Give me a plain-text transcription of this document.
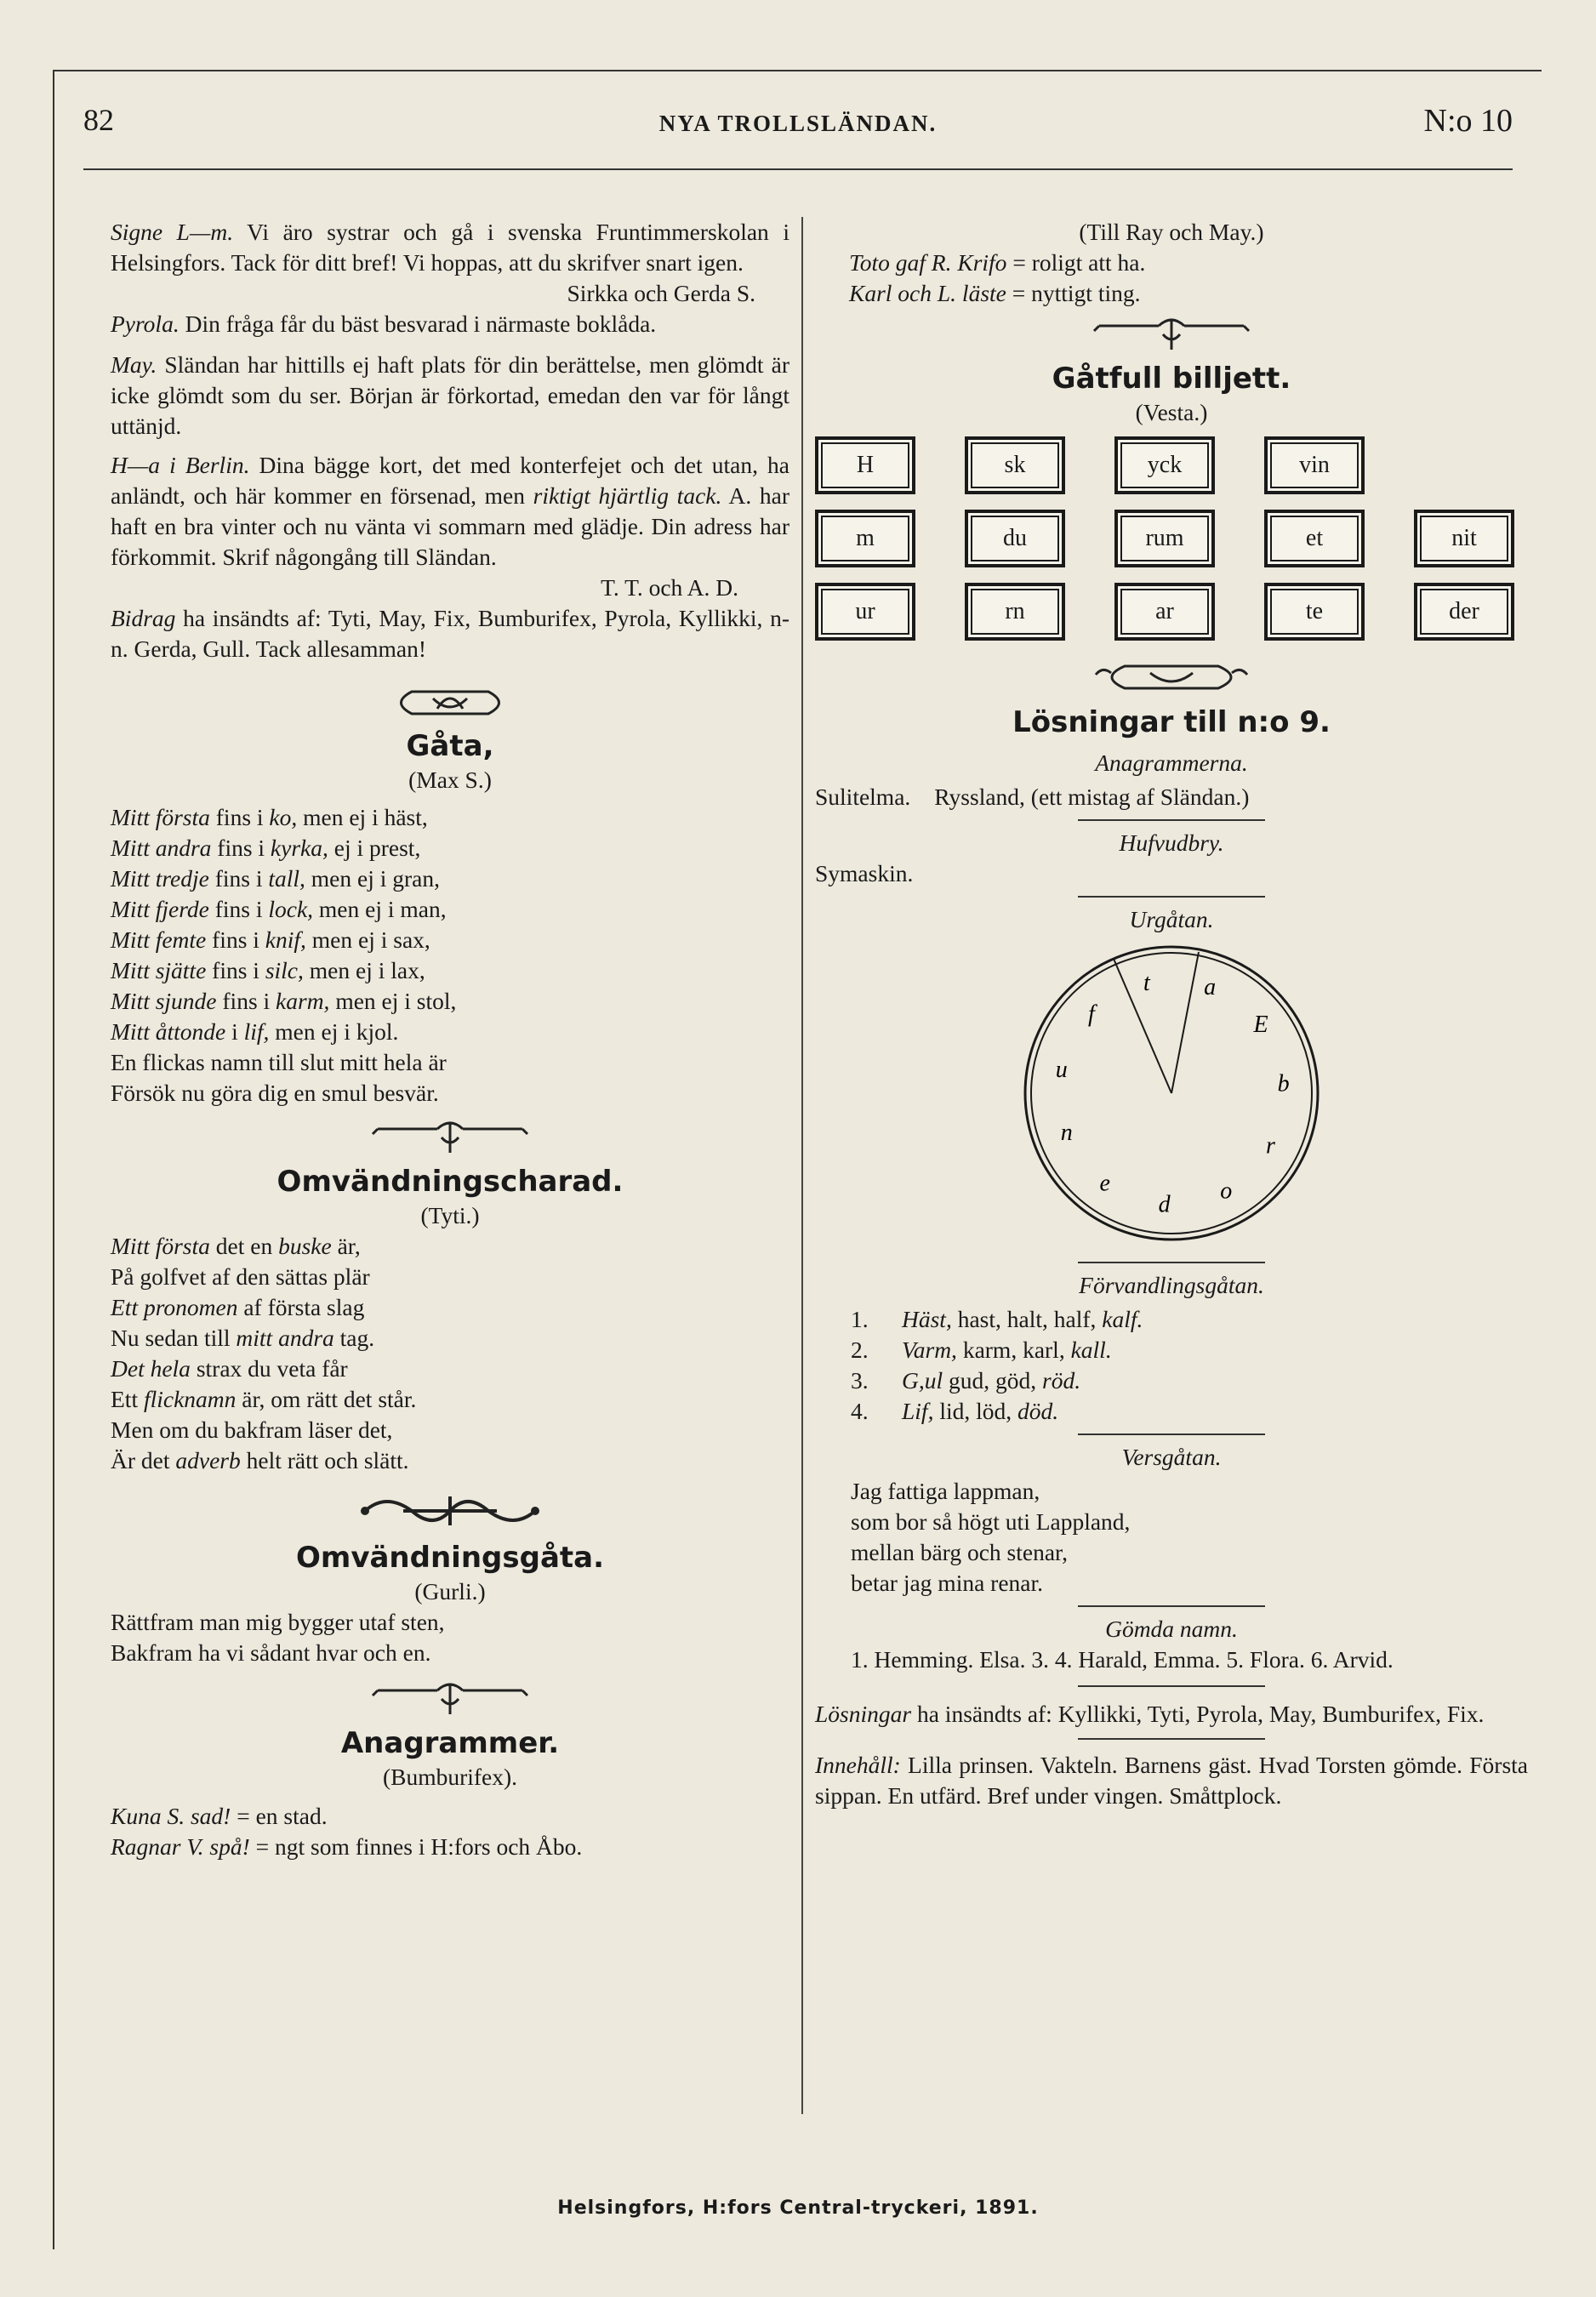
82	NYA TROLLSLÄNDAN.	N:o 10

Signe L—m. Vi äro systrar och gå i svenska Fruntimmerskolan i Helsingfors. Tack för ditt bref! Vi hoppas, att du skrifver snart igen.

Sirkka och Gerda S.

Pyrola. Din fråga får du bäst besvarad i närmaste boklåda.

May. Sländan har hittills ej haft plats för din berättelse, men glömdt är icke glömdt som du ser. Början är förkortad, emedan den var för långt uttänjd.

H—a i Berlin. Dina bägge kort, det med konterfejet och det utan, ha anländt, och här kommer en försenad, men riktigt hjärtlig tack. A. har haft en bra vinter och nu vänta vi sommarn med glädje. Din adress har förkommit. Skrif någongång till Sländan.

T. T. och A. D.

Bidrag ha insändts af: Tyti, May, Fix, Bumburifex, Pyrola, Kyllikki, n-n. Gerda, Gull. Tack allesamman!

Gåta,

(Max S.)

Mitt första fins i ko, men ej i häst,

Mitt andra fins i kyrka, ej i prest,

Mitt tredje fins i tall, men ej i gran,

Mitt fjerde fins i lock, men ej i man,

Mitt femte fins i knif, men ej i sax,

Mitt sjätte fins i silc, men ej i lax,

Mitt sjunde fins i karm, men ej i stol,

Mitt åttonde i lif, men ej i kjol.

En flickas namn till slut mitt hela är

Försök nu göra dig en smul besvär.

Omvändningscharad.

(Tyti.)

Mitt första det en buske är,

På golfvet af den sättas plär

Ett pronomen af första slag

Nu sedan till mitt andra tag.

Det hela strax du veta får

Ett flicknamn är, om rätt det står.

Men om du bakfram läser det,

Är det adverb helt rätt och slätt.

Omvändningsgåta.

(Gurli.)

Rättfram man mig bygger utaf sten,

Bakfram ha vi sådant hvar och en.

Anagrammer.

(Bumburifex).

Kuna S. sad! = en stad.

Ragnar V. spå! = ngt som finnes i H:fors och Åbo.

(Till Ray och May.)

Toto gaf R. Krifo = roligt att ha.

Karl och L. läste = nyttigt ting.

Gåtfull billjett.

(Vesta.)

H	sk	yck	vin
m	du	rum	et	nit
ur	rn	ar	te	der
Lösningar till n:o 9.

Anagrammerna.

Sulitelma. Ryssland, (ett mistag af Sländan.)

Hufvudbry.

Symaskin.

Urgåtan.

a
E
b
r
o
d
e
n
u
f
t

Förvandlingsgåtan.

1. Häst, hast, halt, half, kalf.
2. Varm, karm, karl, kall.
3. G,ul gud, göd, röd.
4. Lif, lid, löd, död.

Versgåtan.

Jag fattiga lappman,

som bor så högt uti Lappland,

mellan bärg och stenar,

betar jag mina renar.

Gömda namn.

1. Hemming. Elsa. 3. 4. Harald, Emma. 5. Flora. 6. Arvid.

Lösningar ha insändts af: Kyllikki, Tyti, Pyrola, May, Bumburifex, Fix.

Innehåll: Lilla prinsen. Vakteln. Barnens gäst. Hvad Torsten gömde. Första sippan. En utfärd. Bref under vingen. Småttplock.

Helsingfors, H:fors Central-tryckeri, 1891.
